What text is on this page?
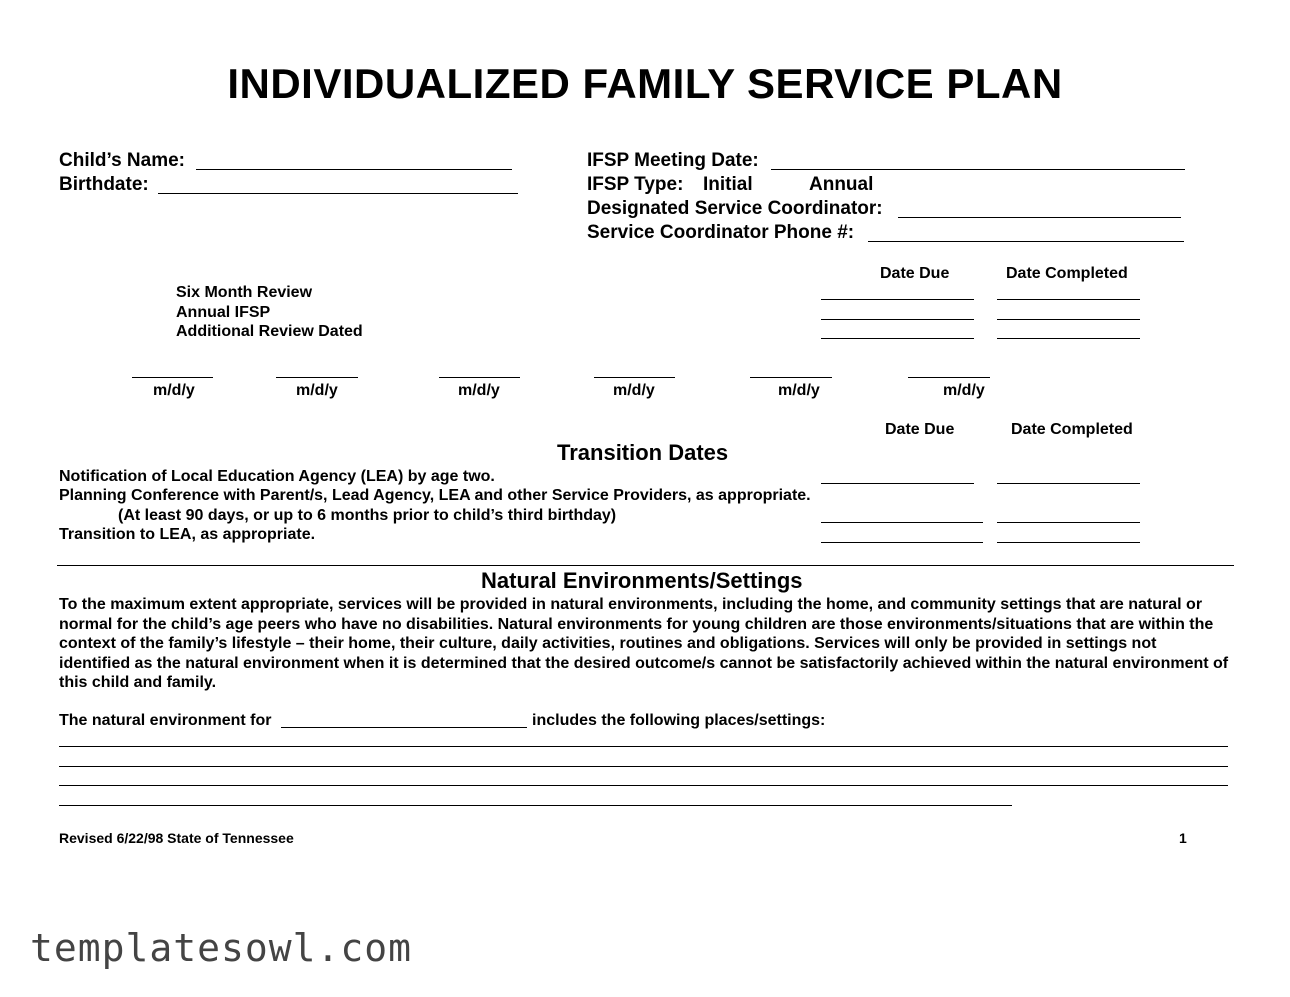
INDIVIDUALIZED FAMILY SERVICE PLAN
Child’s Name:
Birthdate:
IFSP Meeting Date:
IFSP Type: Initial	Annual
Designated Service Coordinator:
Service Coordinator Phone #:
Date Due	Date Completed
Six Month Review
Annual IFSP
Additional Review Dated
m/d/y	m/d/y	m/d/y	m/d/y	m/d/y	m/d/y
Date Due	Date Completed
Transition Dates
Notification of Local Education Agency (LEA) by age two.
Planning Conference with Parent/s, Lead Agency, LEA and other Service Providers, as appropriate.
(At least 90 days, or up to 6 months prior to child’s third birthday)
Transition to LEA, as appropriate.
Natural Environments/Settings
To the maximum extent appropriate, services will be provided in natural environments, including the home, and community settings that are natural or normal for the child’s age peers who have no disabilities. Natural environments for young children are those environments/situations that are within the context of the family’s lifestyle – their home, their culture, daily activities, routines and obligations. Services will only be provided in settings not identified as the natural environment when it is determined that the desired outcome/s cannot be satisfactorily achieved within the natural environment of this child and family.
The natural environment for	includes the following places/settings:
Revised 6/22/98 State of Tennessee	1
templatesowl.com
